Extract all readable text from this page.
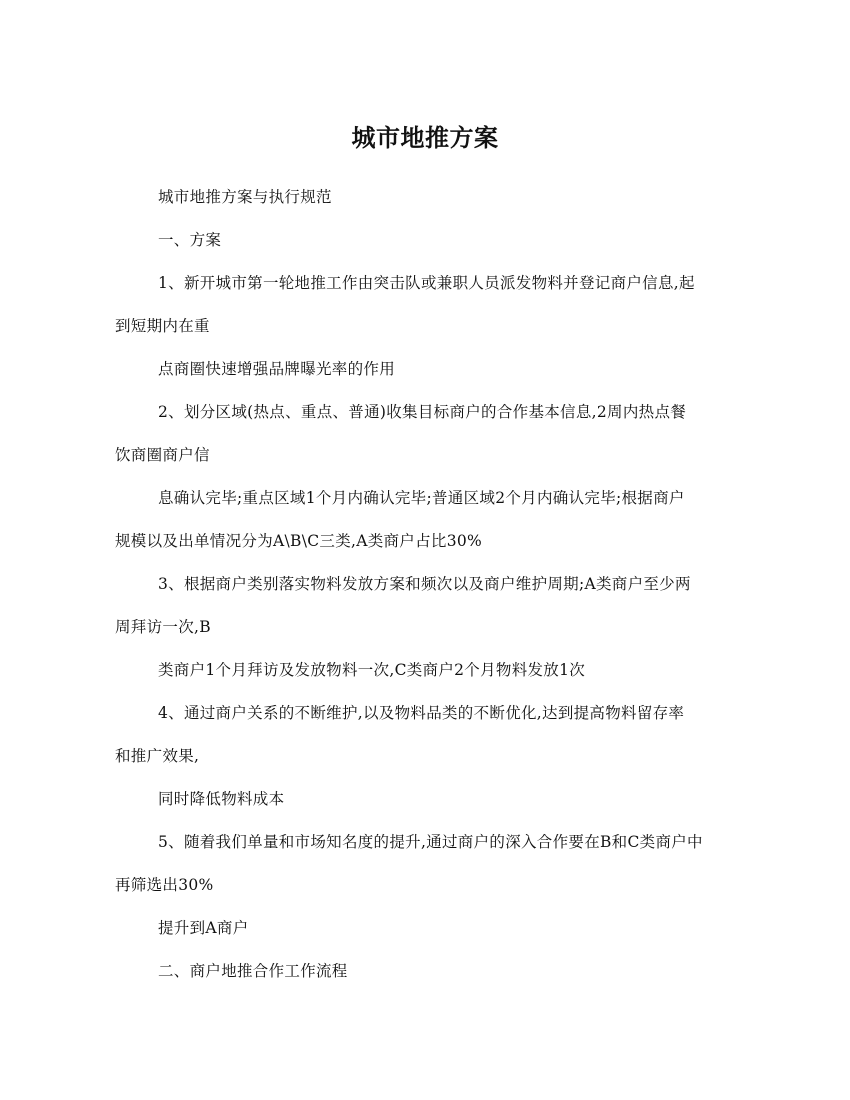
城市地推方案
城市地推方案与执行规范
一、方案
1、新开城市第一轮地推工作由突击队或兼职人员派发物料并登记商户信息,起
到短期内在重
点商圈快速增强品牌曝光率的作用
2、划分区域(热点、重点、普通)收集目标商户的合作基本信息,2周内热点餐
饮商圈商户信
息确认完毕;重点区域1个月内确认完毕;普通区域2个月内确认完毕;根据商户
规模以及出单情况分为A\B\C三类,A类商户占比30%
3、根据商户类别落实物料发放方案和频次以及商户维护周期;A类商户至少两
周拜访一次,B
类商户1个月拜访及发放物料一次,C类商户2个月物料发放1次
4、通过商户关系的不断维护,以及物料品类的不断优化,达到提高物料留存率
和推广效果,
同时降低物料成本
5、随着我们单量和市场知名度的提升,通过商户的深入合作要在B和C类商户中
再筛选出30%
提升到A商户
二、商户地推合作工作流程
